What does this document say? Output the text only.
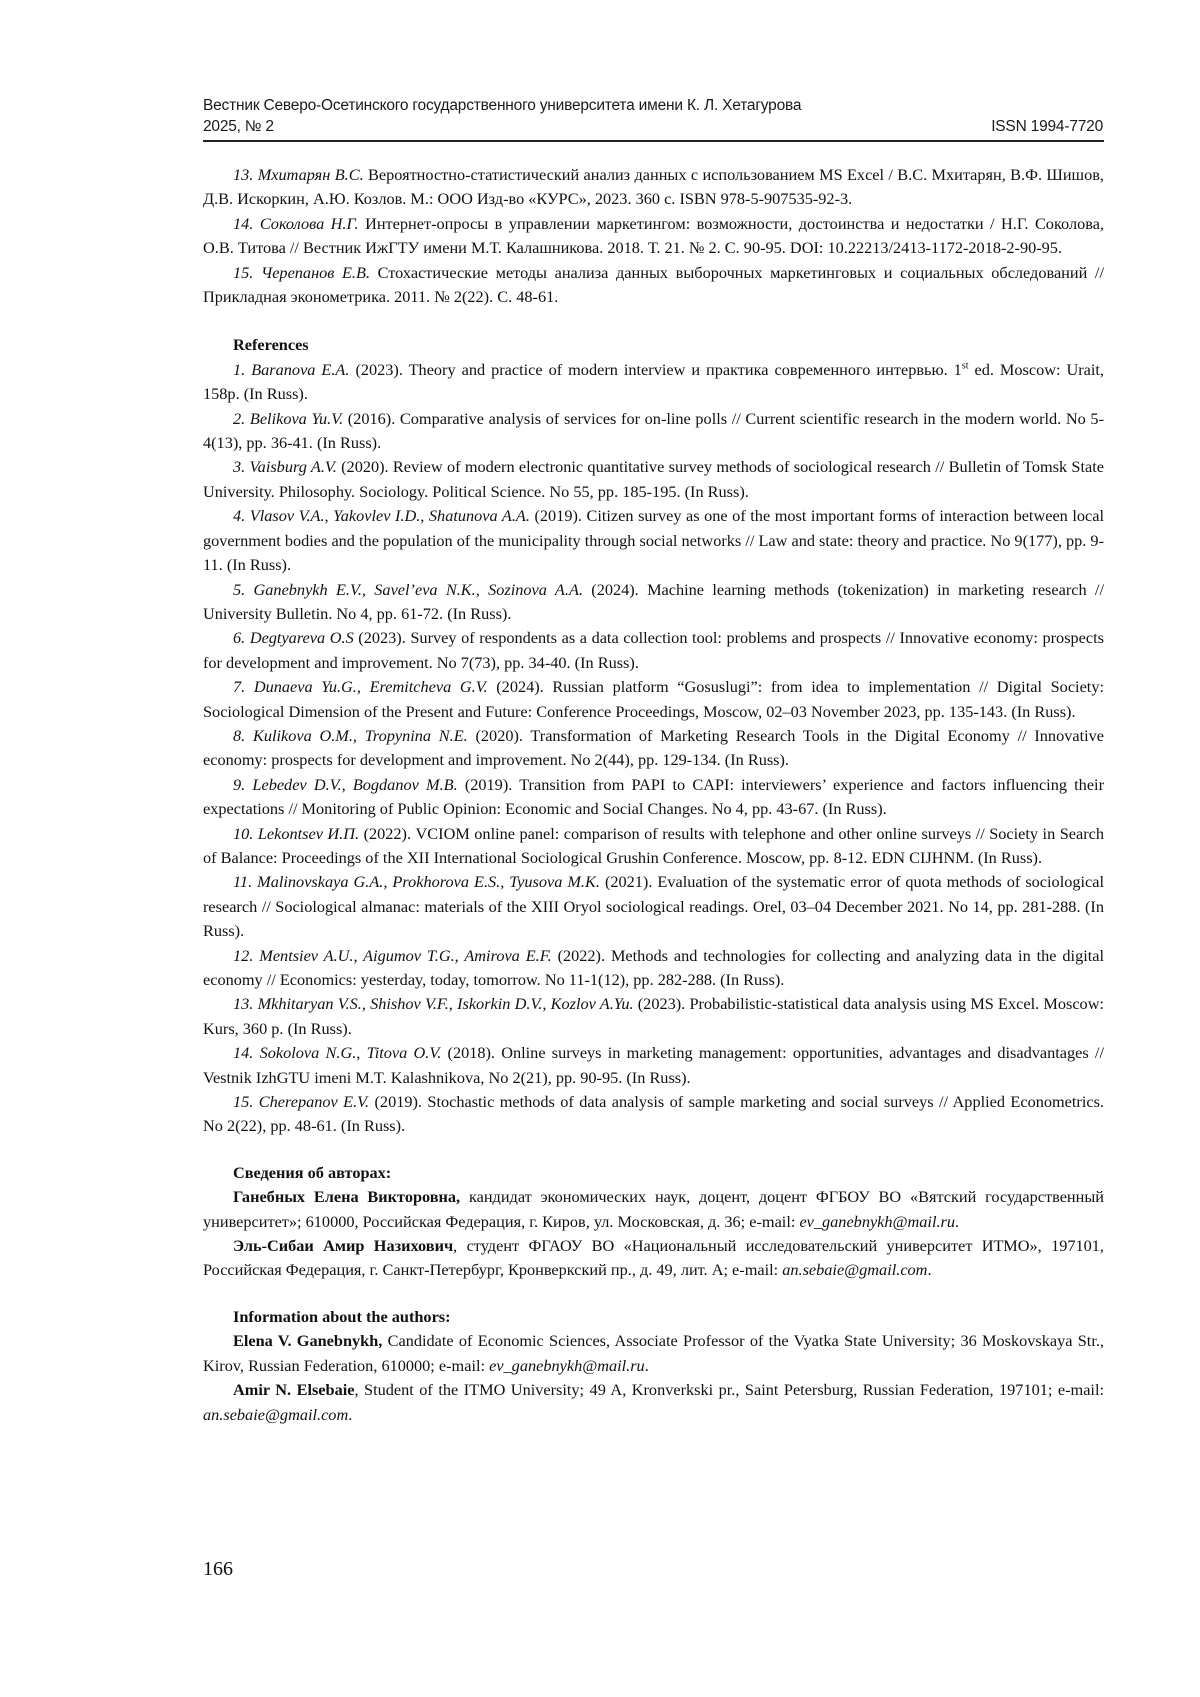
Вестник Северо-Осетинского государственного университета имени К. Л. Хетагурова
2025, № 2	ISSN 1994-7720

13. Мхитарян В.С. Вероятностно-статистический анализ данных с использованием MS Excel / В.С. Мхитарян, В.Ф. Шишов, Д.В. Искоркин, А.Ю. Козлов. М.: ООО Изд-во «КУРС», 2023. 360 с. ISBN 978-5-907535-92-3.

14. Соколова Н.Г. Интернет-опросы в управлении маркетингом: возможности, достоинства и недостатки / Н.Г. Соколова, О.В. Титова // Вестник ИжГТУ имени М.Т. Калашникова. 2018. Т. 21. № 2. С. 90-95. DOI: 10.22213/2413-1172-2018-2-90-95.

15. Черепанов Е.В. Стохастические методы анализа данных выборочных маркетинговых и социальных обследований // Прикладная эконометрика. 2011. № 2(22). С. 48-61.

References

1. Baranova E.A. (2023). Theory and practice of modern interview и практика современного интервью. 1st ed. Moscow: Urait, 158p. (In Russ).

2. Belikova Yu.V. (2016). Comparative analysis of services for on-line polls // Current scientific research in the modern world. No 5-4(13), pp. 36-41. (In Russ).

3. Vaisburg A.V. (2020). Review of modern electronic quantitative survey methods of sociological research // Bulletin of Tomsk State University. Philosophy. Sociology. Political Science. No 55, pp. 185-195. (In Russ).

4. Vlasov V.A., Yakovlev I.D., Shatunova A.A. (2019). Citizen survey as one of the most important forms of interaction between local government bodies and the population of the municipality through social networks // Law and state: theory and practice. No 9(177), pp. 9-11. (In Russ).

5. Ganebnykh E.V., Savel’eva N.K., Sozinova A.A. (2024). Machine learning methods (tokenization) in marketing research // University Bulletin. No 4, pp. 61-72. (In Russ).

6. Degtyareva O.S (2023). Survey of respondents as a data collection tool: problems and prospects // Innovative economy: prospects for development and improvement. No 7(73), pp. 34-40. (In Russ).

7. Dunaeva Yu.G., Eremitcheva G.V. (2024). Russian platform “Gosuslugi”: from idea to implementation // Digital Society: Sociological Dimension of the Present and Future: Conference Proceedings, Moscow, 02–03 November 2023, pp. 135-143. (In Russ).

8. Kulikova O.M., Tropynina N.E. (2020). Transformation of Marketing Research Tools in the Digital Economy // Innovative economy: prospects for development and improvement. No 2(44), pp. 129-134. (In Russ).

9. Lebedev D.V., Bogdanov M.B. (2019). Transition from PAPI to CAPI: interviewers’ experience and factors influencing their expectations // Monitoring of Public Opinion: Economic and Social Changes. No 4, pp. 43-67. (In Russ).

10. Lekontsev И.П. (2022). VCIOM online panel: comparison of results with telephone and other online surveys // Society in Search of Balance: Proceedings of the XII International Sociological Grushin Conference. Moscow, pp. 8-12. EDN CIJHNM. (In Russ).

11. Malinovskaya G.A., Prokhorova E.S., Tyusova M.K. (2021). Evaluation of the systematic error of quota methods of sociological research // Sociological almanac: materials of the XIII Oryol sociological readings. Orel, 03–04 December 2021. No 14, pp. 281-288. (In Russ).

12. Mentsiev A.U., Aigumov T.G., Amirova E.F. (2022). Methods and technologies for collecting and analyzing data in the digital economy // Economics: yesterday, today, tomorrow. No 11-1(12), pp. 282-288. (In Russ).

13. Mkhitaryan V.S., Shishov V.F., Iskorkin D.V., Kozlov A.Yu. (2023). Probabilistic-statistical data analysis using MS Excel. Moscow: Kurs, 360 p. (In Russ).

14. Sokolova N.G., Titova O.V. (2018). Online surveys in marketing management: opportunities, advantages and disadvantages // Vestnik IzhGTU imeni M.T. Kalashnikova, No 2(21), pp. 90-95. (In Russ).

15. Cherepanov E.V. (2019). Stochastic methods of data analysis of sample marketing and social surveys // Applied Econometrics. No 2(22), pp. 48-61. (In Russ).

Сведения об авторах:

Ганебных Елена Викторовна, кандидат экономических наук, доцент, доцент ФГБОУ ВО «Вятский государственный университет»; 610000, Российская Федерация, г. Киров, ул. Московская, д. 36; e-mail: ev_ganebnykh@mail.ru.

Эль-Сибаи Амир Назихович, студент ФГАОУ ВО «Национальный исследовательский университет ИТМО», 197101, Российская Федерация, г. Санкт-Петербург, Кронверкский пр., д. 49, лит. А; e-mail: an.sebaie@gmail.com.

Information about the authors:

Elena V. Ganebnykh, Candidate of Economic Sciences, Associate Professor of the Vyatka State University; 36 Moskovskaya Str., Kirov, Russian Federation, 610000; e-mail: ev_ganebnykh@mail.ru.

Amir N. Elsebaie, Student of the ITMO University; 49 A, Kronverkski pr., Saint Petersburg, Russian Federation, 197101; e-mail: an.sebaie@gmail.com.

166
